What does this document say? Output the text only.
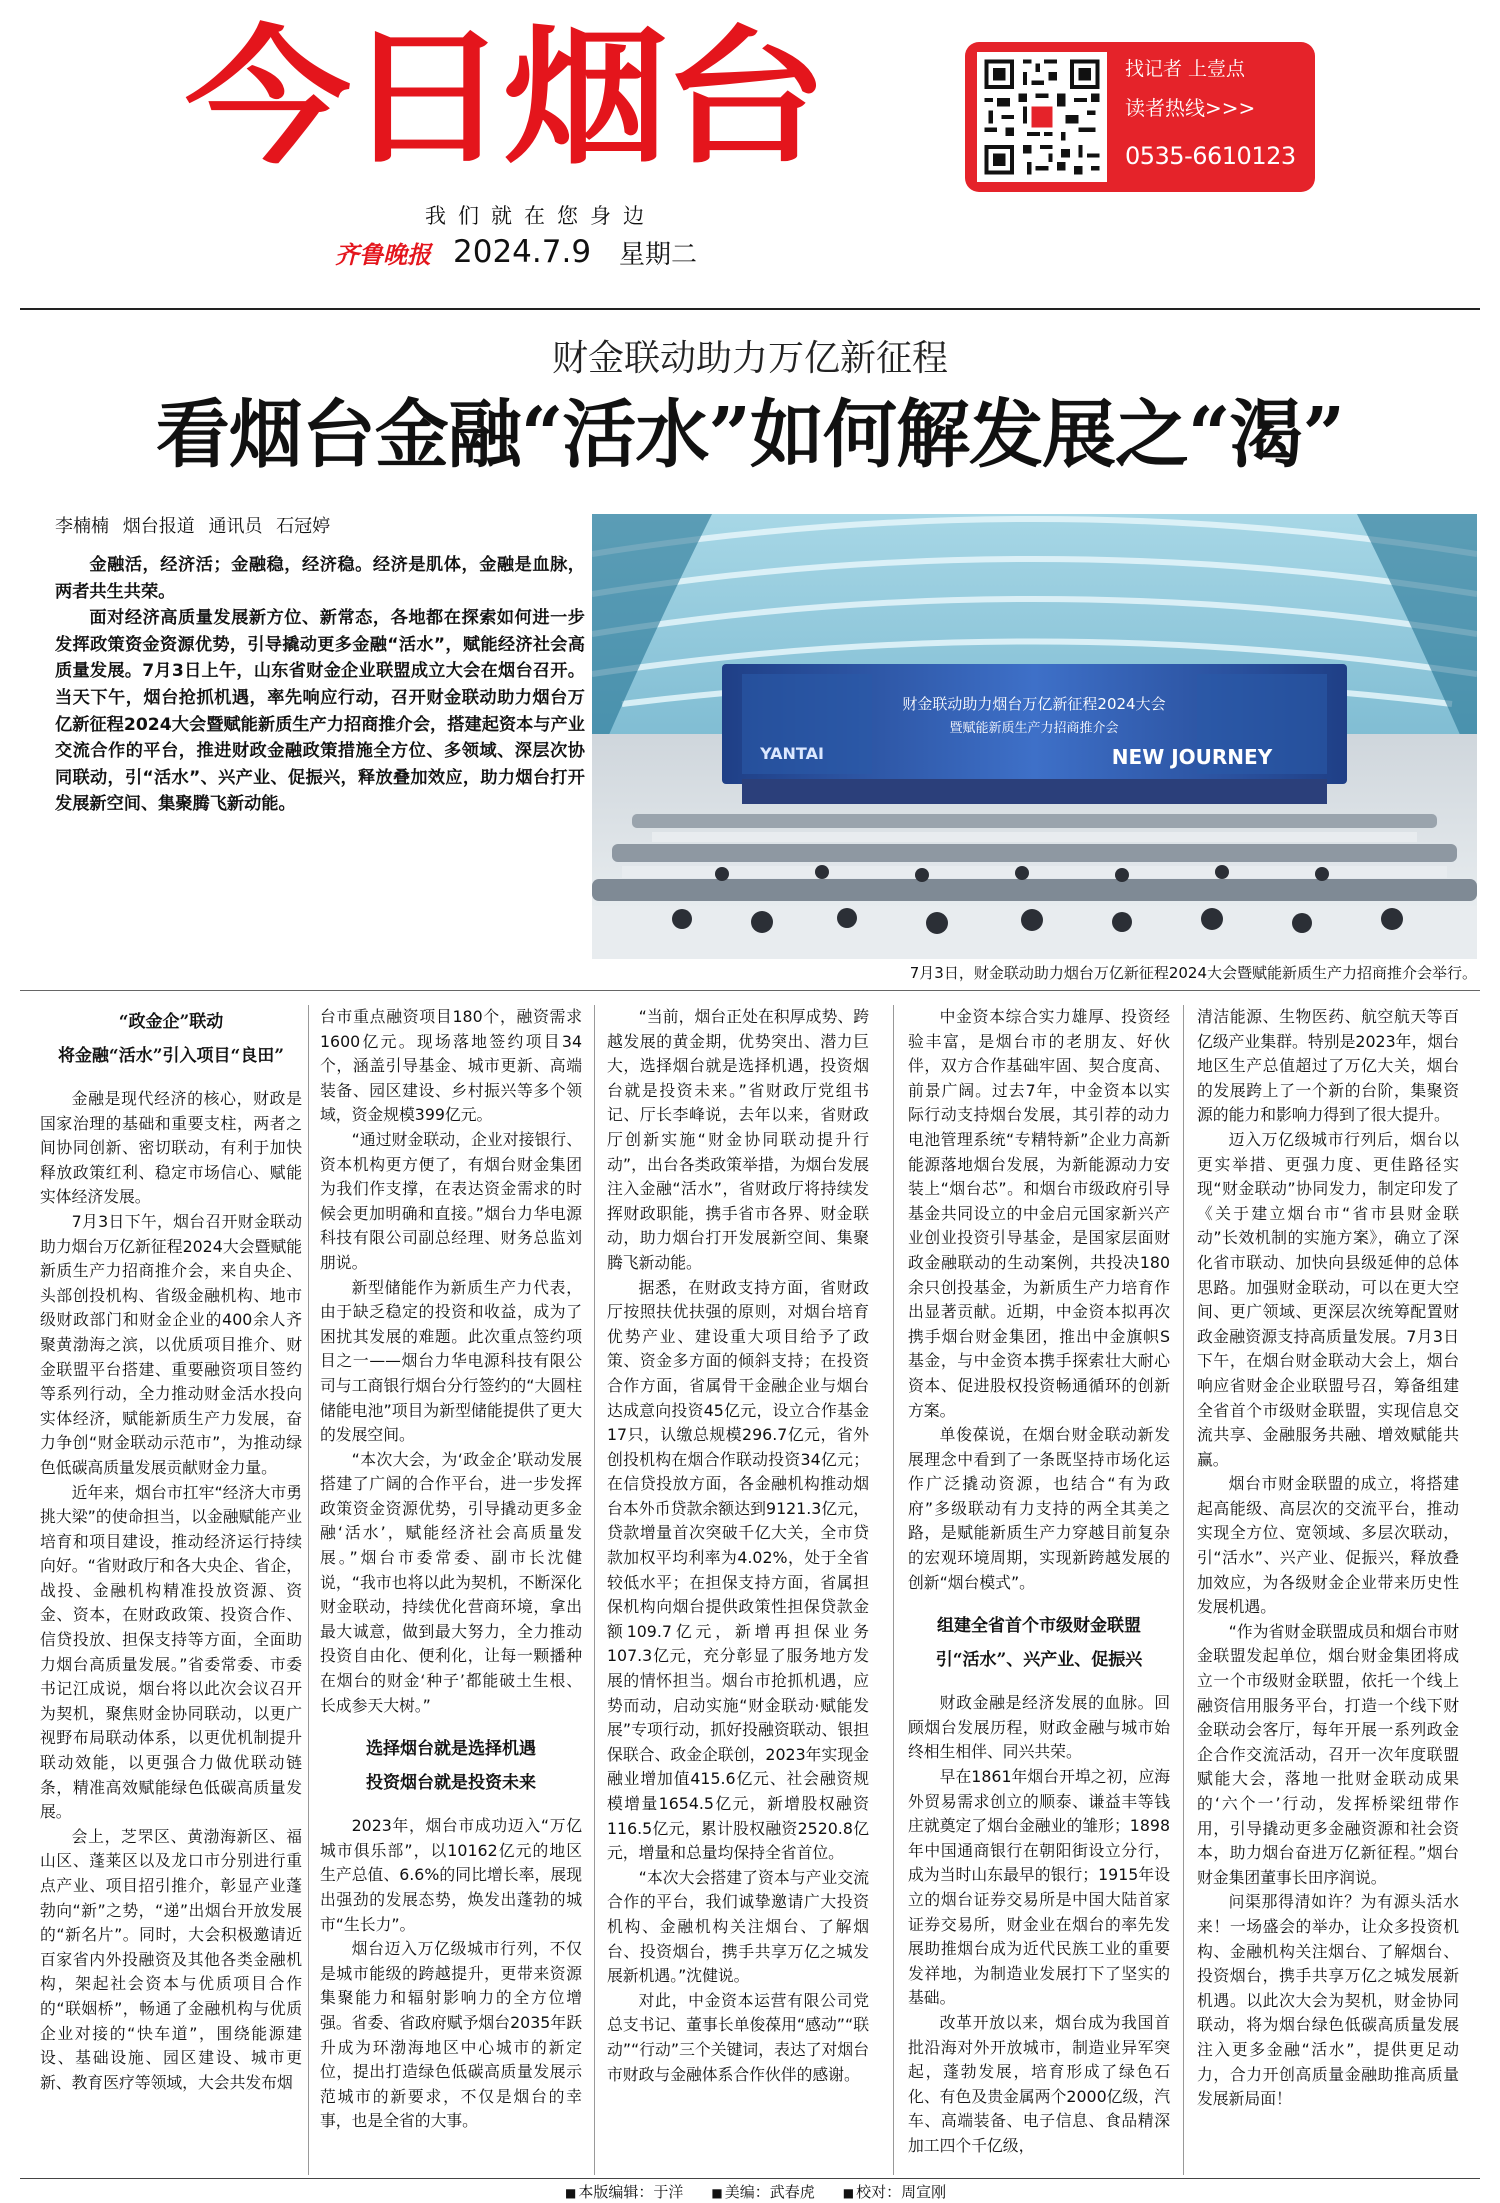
今日烟台
我们就在您身边
齐鲁晚报 2024.7.9 星期二
找记者 上壹点
读者热线>>>
0535-6610123
财金联动助力万亿新征程
看烟台金融“活水”如何解发展之“渴”
李楠楠 烟台报道 通讯员 石冠婷

金融活，经济活；金融稳，经济稳。经济是肌体，金融是血脉，两者共生共荣。

面对经济高质量发展新方位、新常态，各地都在探索如何进一步发挥政策资金资源优势，引导撬动更多金融“活水”，赋能经济社会高质量发展。7月3日上午，山东省财金企业联盟成立大会在烟台召开。当天下午，烟台抢抓机遇，率先响应行动，召开财金联动助力烟台万亿新征程2024大会暨赋能新质生产力招商推介会，搭建起资本与产业交流合作的平台，推进财政金融政策措施全方位、多领域、深层次协同联动，引“活水”、兴产业、促振兴，释放叠加效应，助力烟台打开发展新空间、集聚腾飞新动能。

财金联动助力烟台万亿新征程2024大会
暨赋能新质生产力招商推介会
NEW JOURNEY
YANTAI
7月3日，财金联动助力烟台万亿新征程2024大会暨赋能新质生产力招商推介会举行。

“政金企”联动

将金融“活水”引入项目“良田”

金融是现代经济的核心，财政是国家治理的基础和重要支柱，两者之间协同创新、密切联动，有利于加快释放政策红利、稳定市场信心、赋能实体经济发展。

7月3日下午，烟台召开财金联动助力烟台万亿新征程2024大会暨赋能新质生产力招商推介会，来自央企、头部创投机构、省级金融机构、地市级财政部门和财金企业的400余人齐聚黄渤海之滨，以优质项目推介、财金联盟平台搭建、重要融资项目签约等系列行动，全力推动财金活水投向实体经济，赋能新质生产力发展，奋力争创“财金联动示范市”，为推动绿色低碳高质量发展贡献财金力量。

近年来，烟台市扛牢“经济大市勇挑大梁”的使命担当，以金融赋能产业培育和项目建设，推动经济运行持续向好。“省财政厅和各大央企、省企，战投、金融机构精准投放资源、资金、资本，在财政政策、投资合作、信贷投放、担保支持等方面，全面助力烟台高质量发展。”省委常委、市委书记江成说，烟台将以此次会议召开为契机，聚焦财金协同联动，以更广视野布局联动体系，以更优机制提升联动效能，以更强合力做优联动链条，精准高效赋能绿色低碳高质量发展。

会上，芝罘区、黄渤海新区、福山区、蓬莱区以及龙口市分别进行重点产业、项目招引推介，彰显产业蓬勃向“新”之势，“递”出烟台开放发展的“新名片”。同时，大会积极邀请近百家省内外投融资及其他各类金融机构，架起社会资本与优质项目合作的“联姻桥”，畅通了金融机构与优质企业对接的“快车道”，围绕能源建设、基础设施、园区建设、城市更新、教育医疗等领域，大会共发布烟

台市重点融资项目180个，融资需求1600亿元。现场落地签约项目34个，涵盖引导基金、城市更新、高端装备、园区建设、乡村振兴等多个领域，资金规模399亿元。

“通过财金联动，企业对接银行、资本机构更方便了，有烟台财金集团为我们作支撑，在表达资金需求的时候会更加明确和直接。”烟台力华电源科技有限公司副总经理、财务总监刘朋说。

新型储能作为新质生产力代表，由于缺乏稳定的投资和收益，成为了困扰其发展的难题。此次重点签约项目之一——烟台力华电源科技有限公司与工商银行烟台分行签约的“大圆柱储能电池”项目为新型储能提供了更大的发展空间。

“本次大会，为‘政金企’联动发展搭建了广阔的合作平台，进一步发挥政策资金资源优势，引导撬动更多金融‘活水’，赋能经济社会高质量发展。”烟台市委常委、副市长沈健说，“我市也将以此为契机，不断深化财金联动，持续优化营商环境，拿出最大诚意，做到最大努力，全力推动投资自由化、便利化，让每一颗播种在烟台的财金‘种子’都能破土生根、长成参天大树。”

选择烟台就是选择机遇

投资烟台就是投资未来

2023年，烟台市成功迈入“万亿城市俱乐部”，以10162亿元的地区生产总值、6.6%的同比增长率，展现出强劲的发展态势，焕发出蓬勃的城市“生长力”。

烟台迈入万亿级城市行列，不仅是城市能级的跨越提升，更带来资源集聚能力和辐射影响力的全方位增强。省委、省政府赋予烟台2035年跃升成为环渤海地区中心城市的新定位，提出打造绿色低碳高质量发展示范城市的新要求，不仅是烟台的幸事，也是全省的大事。

“当前，烟台正处在积厚成势、跨越发展的黄金期，优势突出、潜力巨大，选择烟台就是选择机遇，投资烟台就是投资未来。”省财政厅党组书记、厅长李峰说，去年以来，省财政厅创新实施“财金协同联动提升行动”，出台各类政策举措，为烟台发展注入金融“活水”，省财政厅将持续发挥财政职能，携手省市各界、财金联动，助力烟台打开发展新空间、集聚腾飞新动能。

据悉，在财政支持方面，省财政厅按照扶优扶强的原则，对烟台培育优势产业、建设重大项目给予了政策、资金多方面的倾斜支持；在投资合作方面，省属骨干金融企业与烟台达成意向投资45亿元，设立合作基金17只，认缴总规模296.7亿元，省外创投机构在烟合作联动投资34亿元；在信贷投放方面，各金融机构推动烟台本外币贷款余额达到9121.3亿元，贷款增量首次突破千亿大关，全市贷款加权平均利率为4.02%，处于全省较低水平；在担保支持方面，省属担保机构向烟台提供政策性担保贷款金额109.7亿元，新增再担保业务107.3亿元，充分彰显了服务地方发展的情怀担当。烟台市抢抓机遇，应势而动，启动实施“财金联动·赋能发展”专项行动，抓好投融资联动、银担保联合、政金企联创，2023年实现金融业增加值415.6亿元、社会融资规模增量1654.5亿元，新增股权融资116.5亿元，累计股权融资2520.8亿元，增量和总量均保持全省首位。

“本次大会搭建了资本与产业交流合作的平台，我们诚挚邀请广大投资机构、金融机构关注烟台、了解烟台、投资烟台，携手共享万亿之城发展新机遇。”沈健说。

对此，中金资本运营有限公司党总支书记、董事长单俊葆用“感动”“联动”“行动”三个关键词，表达了对烟台市财政与金融体系合作伙伴的感谢。

中金资本综合实力雄厚、投资经验丰富，是烟台市的老朋友、好伙伴，双方合作基础牢固、契合度高、前景广阔。过去7年，中金资本以实际行动支持烟台发展，其引荐的动力电池管理系统“专精特新”企业力高新能源落地烟台发展，为新能源动力安装上“烟台芯”。和烟台市级政府引导基金共同设立的中金启元国家新兴产业创业投资引导基金，是国家层面财政金融联动的生动案例，共投决180余只创投基金，为新质生产力培育作出显著贡献。近期，中金资本拟再次携手烟台财金集团，推出中金旗帜S基金，与中金资本携手探索壮大耐心资本、促进股权投资畅通循环的创新方案。

单俊葆说，在烟台财金联动新发展理念中看到了一条既坚持市场化运作广泛撬动资源，也结合“有为政府”多级联动有力支持的两全其美之路，是赋能新质生产力穿越目前复杂的宏观环境周期，实现新跨越发展的创新“烟台模式”。

组建全省首个市级财金联盟

引“活水”、兴产业、促振兴

财政金融是经济发展的血脉。回顾烟台发展历程，财政金融与城市始终相生相伴、同兴共荣。

早在1861年烟台开埠之初，应海外贸易需求创立的顺泰、谦益丰等钱庄就奠定了烟台金融业的雏形；1898年中国通商银行在朝阳街设立分行，成为当时山东最早的银行；1915年设立的烟台证券交易所是中国大陆首家证券交易所，财金业在烟台的率先发展助推烟台成为近代民族工业的重要发祥地，为制造业发展打下了坚实的基础。

改革开放以来，烟台成为我国首批沿海对外开放城市，制造业异军突起，蓬勃发展，培育形成了绿色石化、有色及贵金属两个2000亿级，汽车、高端装备、电子信息、食品精深加工四个千亿级，

清洁能源、生物医药、航空航天等百亿级产业集群。特别是2023年，烟台地区生产总值超过了万亿大关，烟台的发展跨上了一个新的台阶，集聚资源的能力和影响力得到了很大提升。

迈入万亿级城市行列后，烟台以更实举措、更强力度、更佳路径实现“财金联动”协同发力，制定印发了《关于建立烟台市“省市县财金联动”长效机制的实施方案》，确立了深化省市联动、加快向县级延伸的总体思路。加强财金联动，可以在更大空间、更广领域、更深层次统筹配置财政金融资源支持高质量发展。7月3日下午，在烟台财金联动大会上，烟台响应省财金企业联盟号召，筹备组建全省首个市级财金联盟，实现信息交流共享、金融服务共融、增效赋能共赢。

烟台市财金联盟的成立，将搭建起高能级、高层次的交流平台，推动实现全方位、宽领域、多层次联动，引“活水”、兴产业、促振兴，释放叠加效应，为各级财金企业带来历史性发展机遇。

“作为省财金联盟成员和烟台市财金联盟发起单位，烟台财金集团将成立一个市级财金联盟，依托一个线上融资信用服务平台，打造一个线下财金联动会客厅，每年开展一系列政金企合作交流活动，召开一次年度联盟赋能大会，落地一批财金联动成果的‘六个一’行动，发挥桥梁纽带作用，引导撬动更多金融资源和社会资本，助力烟台奋进万亿新征程。”烟台财金集团董事长田序润说。

问渠那得清如许？为有源头活水来！一场盛会的举办，让众多投资机构、金融机构关注烟台、了解烟台、投资烟台，携手共享万亿之城发展新机遇。以此次大会为契机，财金协同联动，将为烟台绿色低碳高质量发展注入更多金融“活水”，提供更足动力，合力开创高质量金融助推高质量发展新局面！

■ 本版编辑：于洋 ■ 美编：武春虎 ■ 校对：周宣刚
